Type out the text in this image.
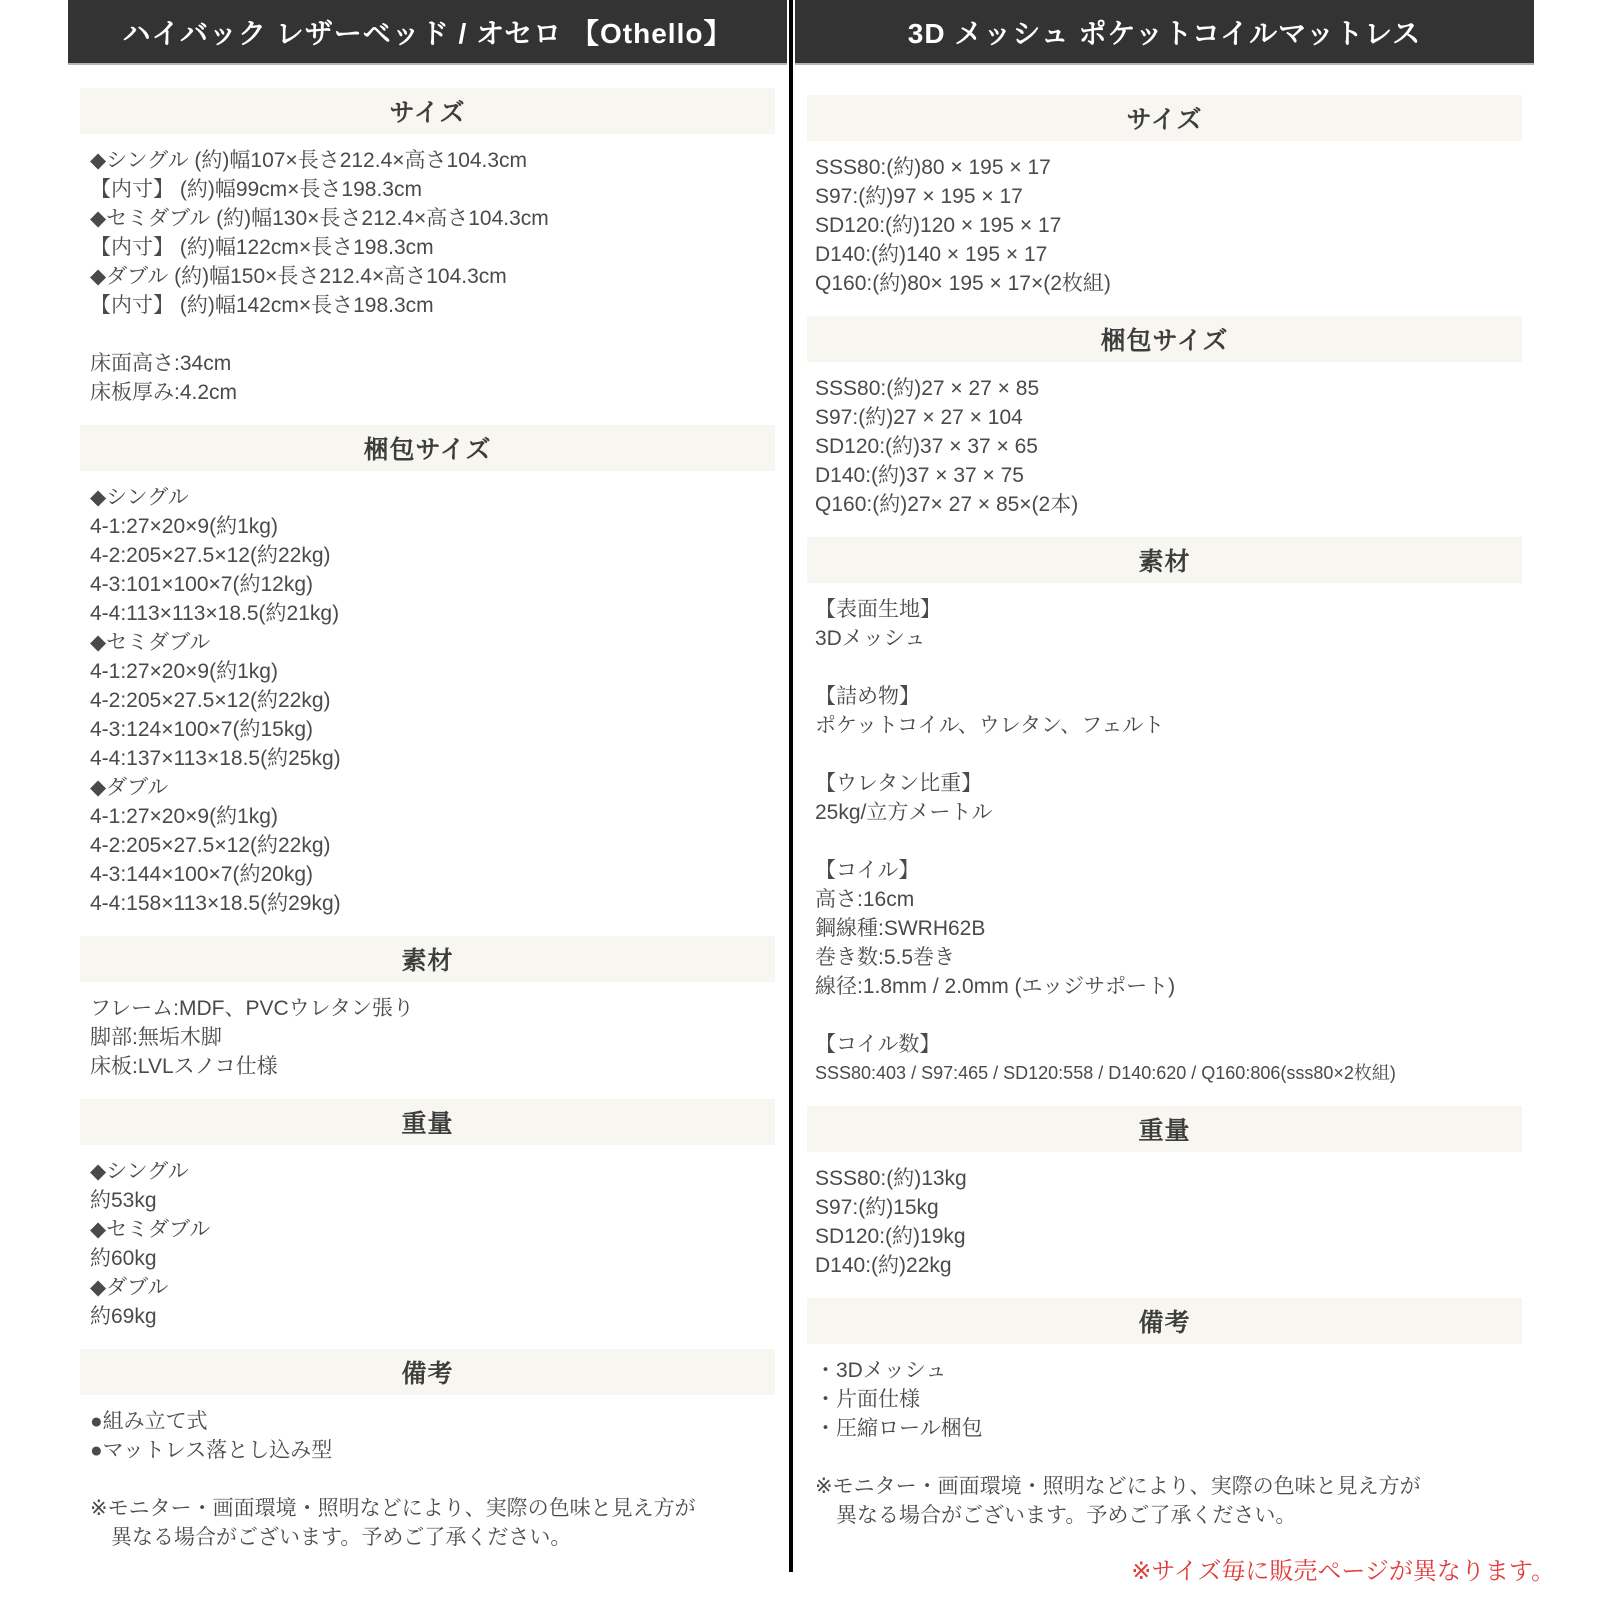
ハイバック レザーベッド / オセロ 【Othello】
サイズ
◆シングル (約)幅107×長さ212.4×高さ104.3cm
【内寸】 (約)幅99cm×長さ198.3cm
◆セミダブル (約)幅130×長さ212.4×高さ104.3cm
【内寸】 (約)幅122cm×長さ198.3cm
◆ダブル (約)幅150×長さ212.4×高さ104.3cm
【内寸】 (約)幅142cm×長さ198.3cm
床面高さ:34cm
床板厚み:4.2cm
梱包サイズ
◆シングル
4-1:27×20×9(約1kg)
4-2:205×27.5×12(約22kg)
4-3:101×100×7(約12kg)
4-4:113×113×18.5(約21kg)
◆セミダブル
4-1:27×20×9(約1kg)
4-2:205×27.5×12(約22kg)
4-3:124×100×7(約15kg)
4-4:137×113×18.5(約25kg)
◆ダブル
4-1:27×20×9(約1kg)
4-2:205×27.5×12(約22kg)
4-3:144×100×7(約20kg)
4-4:158×113×18.5(約29kg)
素材
フレーム:MDF、PVCウレタン張り
脚部:無垢木脚
床板:LVLスノコ仕様
重量
◆シングル
約53kg
◆セミダブル
約60kg
◆ダブル
約69kg
備考
●組み立て式
●マットレス落とし込み型
※モニター・画面環境・照明などにより、実際の色味と見え方が
　異なる場合がございます。予めご了承ください。
3D メッシュ ポケットコイルマットレス
サイズ
SSS80:(約)80 × 195 × 17
S97:(約)97 × 195 × 17
SD120:(約)120 × 195 × 17
D140:(約)140 × 195 × 17
Q160:(約)80× 195 × 17×(2枚組)
梱包サイズ
SSS80:(約)27 × 27 × 85
S97:(約)27 × 27 × 104
SD120:(約)37 × 37 × 65
D140:(約)37 × 37 × 75
Q160:(約)27× 27 × 85×(2本)
素材
【表面生地】
3Dメッシュ
【詰め物】
ポケットコイル、ウレタン、フェルト
【ウレタン比重】
25kg/立方メートル
【コイル】
高さ:16cm
鋼線種:SWRH62B
巻き数:5.5巻き
線径:1.8mm / 2.0mm (エッジサポート)
【コイル数】
SSS80:403 / S97:465 / SD120:558 / D140:620 / Q160:806(sss80×2枚組)
重量
SSS80:(約)13kg
S97:(約)15kg
SD120:(約)19kg
D140:(約)22kg
備考
・3Dメッシュ
・片面仕様
・圧縮ロール梱包
※モニター・画面環境・照明などにより、実際の色味と見え方が
　異なる場合がございます。予めご了承ください。
※サイズ毎に販売ページが異なります。
